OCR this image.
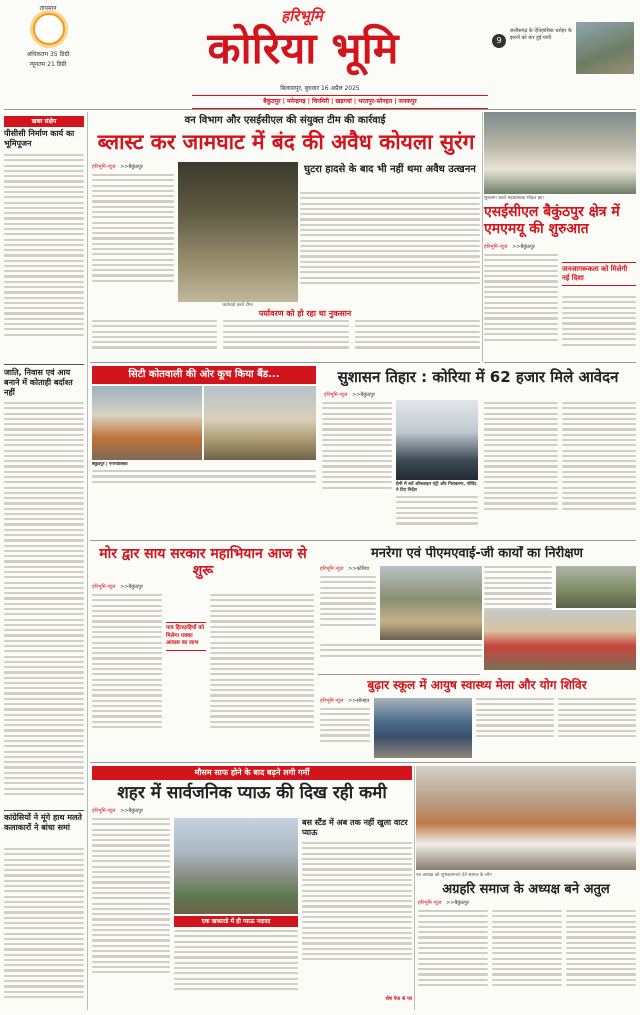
तापमान
अधिकतम 35 डिग्री
न्यूनतम 21 डिग्री
हरिभूमि
कोरिया भूमि
बिलासपुर, बुधवार 16 अप्रैल 2025
9
छत्तीसगढ़ के ऐतिहासिक धरोहर के झरनों को धार हुई पानी
बैकुंठपुर | मनेन्द्रगढ़ | चिरमिरी | खड़गवां | भरतपुर-सोनहत | जनकपुर
खबर संक्षेप
पीसीसी निर्माण कार्य का भूमिपूजन
जाति, निवास एवं आय बनाने में कोताही बर्दाश्त नहीं
कांग्रेसियों ने मूंगे हाथ मलते कलाकारों ने बांधा समां
वन विभाग और एसईसीएल की संयुक्त टीम की कार्रवाई
ब्लास्ट कर जामघाट में बंद की अवैध कोयला सुरंग
हरिभूमि न्यूज >>बैकुंठपुर
कार्रवाई करते टीम।
घुटरा हादसे के बाद भी नहीं थमा अवैध उत्खनन
पर्यावरण को हो रहा था नुकसान
सुशासन करते महाप्रबंधक भीडल झा।
एसईसीएल बैकुंठपुर क्षेत्र में एमएमयू की शुरुआत
हरिभूमि न्यूज >>बैकुंठपुर
जनजागरूकता को मिलेगी नई दिशा
सिटी कोतवाली की ओर कूच किया बैंड...
बैकुंठपुर | नगरपालिका
सुशासन तिहार : कोरिया में 62 हजार मिले आवेदन
हरिभूमि न्यूज >>बैकुंठपुर
ग्रेमी में करें ऑनलाइन एंट्री और निराकरण, गोविंद ने दिए निर्देश
मोर द्वार साय सरकार महाभियान आज से शुरू
हरिभूमि न्यूज >>बैकुंठपुर
पात्र हितग्राहियों को मिलेगा पक्का आवास का लाभ
मनरेगा एवं पीएमएवाई-जी कार्यों का निरीक्षण
हरिभूमि न्यूज >>कोरिया
बुढ़ार स्कूल में आयुष स्वास्थ्य मेला और योग शिविर
हरिभूमि न्यूज >>सोनहत
मौसम साफ होने के बाद बढ़ने लगी गर्मी
शहर में सार्वजनिक प्याऊ की दिख रही कमी
हरिभूमि न्यूज >>बैकुंठपुर
एक खकारडे में ही प्याऊ नदारद
बस स्टैंड में अब तक नहीं खुला वाटर प्याऊ
शेष पेज 4 पर
नव अध्यक्ष को शुभकामनाएं देते समाज के लोग
अग्रहरि समाज के अध्यक्ष बने अतुल
हरिभूमि न्यूज >>बैकुंठपुर
